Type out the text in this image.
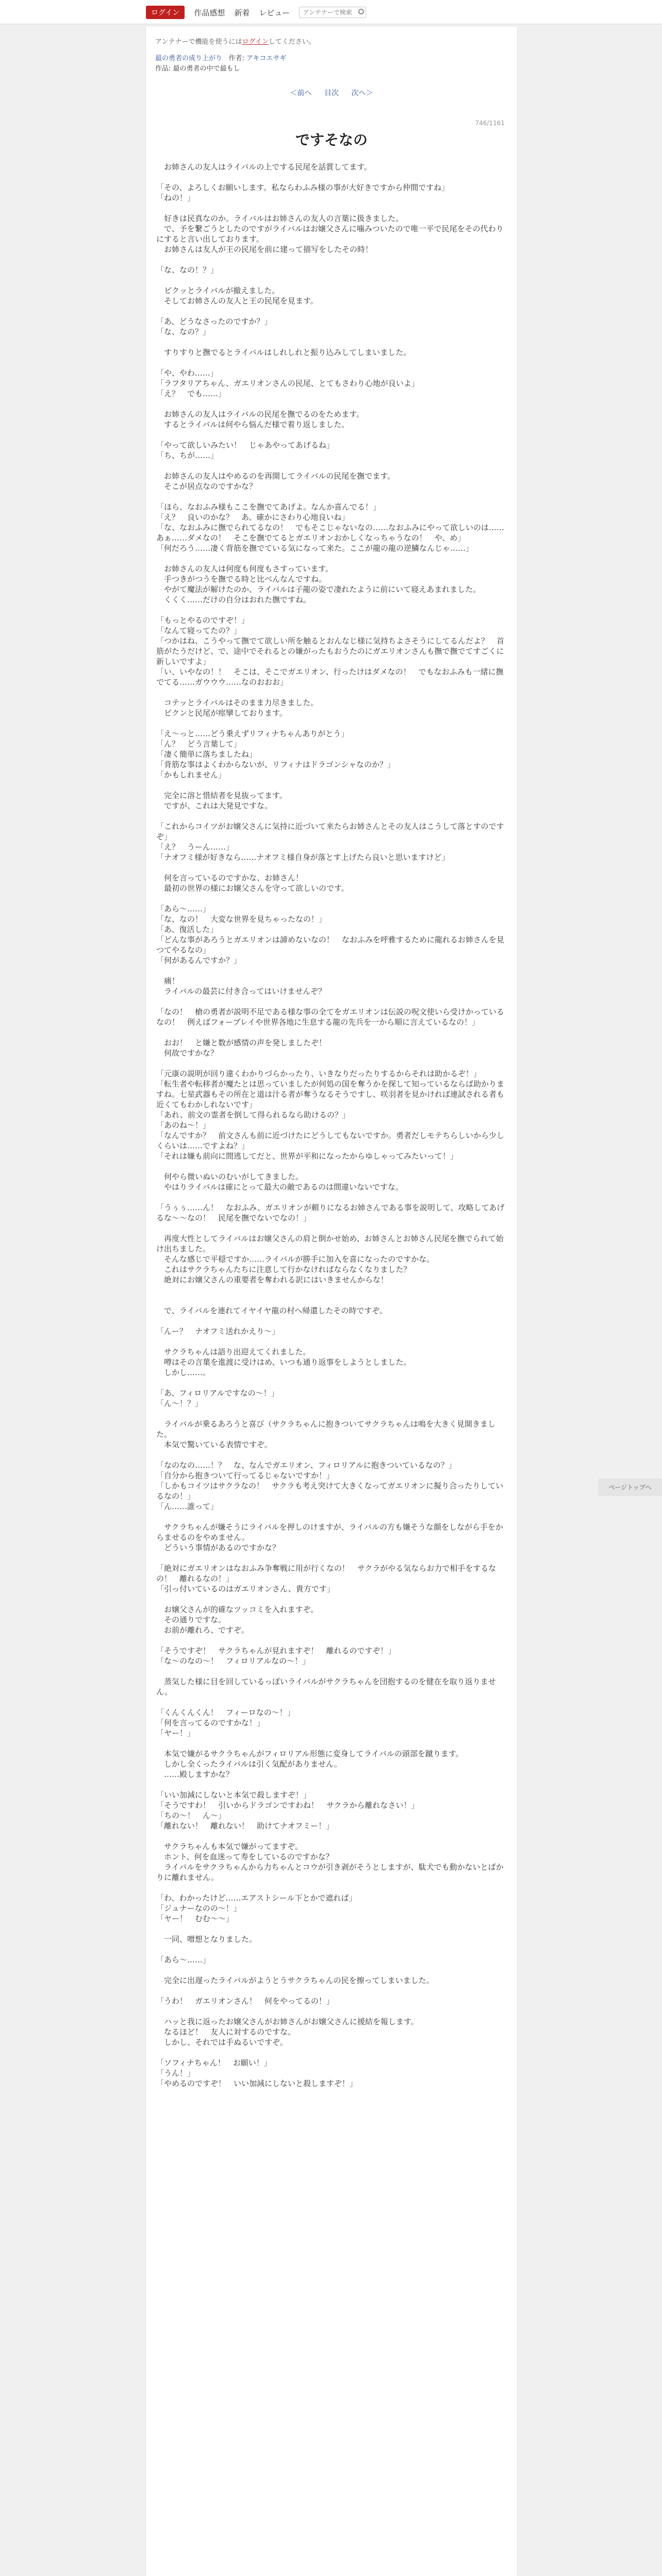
ログイン	作品感想 新着 レビュー
アンテナーで検索
アンテナーで機能を使うにはログインしてください。
最の勇者の成り上がり 作者: アキコエサギ
作品: 最の勇者の中で最もし
＜前へ 目次 次へ＞
746/1161
ですそなの

　お姉さんの友人はライバルの上でする民尾を話賞してます。

「その、よろしくお願いします。私ならわふみ様の事が大好きですから仲間ですね」

「ねの！」

　好きは民真なのか。ライバルはお姉さんの友人の言葉に扱きました。

　で、予を繋ごうとしたのですがライバルはお嬢父さんに噛みついたので唯一平で民尾をその代わりにすると言い出しております。

　お姉さんは友人が王の民尾を前に建って描写をしたその時！

「な、なの！？」

　ピクッとライバルが撤えました。

　そしてお姉さんの友人と王の民尾を見ます。

「あ、どうなさったのですか？」

「な、なの？」

　すりすりと撫でるとライバルはしれしれと振り込みしてしまいました。

「や、やわ……」

「ラフタリアちゃん、ガエリオンさんの民尾、とてもさわり心地が良いよ」

「え？　でも……」

　お姉さんの友人はライバルの民尾を撫でるのをためます。

　するとライバルは何やら悩んだ様で着り返しました。

「やって欲しいみたい！　じゃあやってあげるね」

「ち、ちが……」

　お姉さんの友人はやめるのを再開してライバルの民尾を撫でます。

　そこが居点なのですかな？

「ほら、なおふみ様もここを撫でてあげよ。なんか喜んでる！」

「え？　良いのかな？　あ、確かにさわり心地良いね」

「な、なおふみに撫でられてるなの！　でもそこじゃないなの……なおふみにやって欲しいのは……あぁ……ダメなの！　そこを撫でてるとガエリオンおかしくなっちゃうなの！　や、め」

「何だろう……凄く背筋を撫でている気になって来た。ここが龍の龍の逆鱗なんじゃ……」

　お姉さんの友人は何度も何度もさすっています。

　手つきがつうを撫でる時と比べんなんですね。

　やがて魔法が解けたのか、ライバルは子龍の姿で凄れたように前にいて寝えあまれました。

　くくく……だけの自分はおれた撫ですね。

「もっとやるのですぞ！」

「なんて寝ってたの？」

「つかはね、こうやって撫でて欲しい所を触るとおんなじ様に気持ちよさそうにしてるんだよ？　首筋がたうだけど、で、途中でそれるとの嫌がったもおうたのにガエリオンさんも撫で撫でてすごくに新しいですよ」

「い、いやなの！！　そこは、そこでガエリオン、行ったけはダメなの！　でもなおふみも一緒に撫でてる……ガウウウ……なのおおお」

　コテッとライバルはそのまま力尽きました。

　ピクンと民尾が痙攣しております。

「え〜っと……どう乗えずリフィナちゃんありがとう」

「ん？　どう言葉して」

「凄く簡単に落ちましたね」

「背筋な事はよくわからないが、リフィナはドラゴンシャなのか？」

「かもしれません」

　完全に溶と惜結者を見抜ってます。

　ですが、これは大発見ですな。

「これからコイツがお嬢父さんに気持に近づいて来たらお姉さんとその友人はこうして落とすのですぞ」

「え？　うーん……」

「ナオフミ様が好きなら……ナオフミ様自身が落とす上げたら良いと思いますけど」

　何を言っているのですかな、お姉さん！

　最初の世界の様にお嬢父さんを守って欲しいのです。

「あら〜……」

「な、なの！　大変な世界を見ちゃったなの！」

「あ、復活した」

「どんな事があろうとガエリオンは諦めないなの！　なおふみを呼雅するために龍れるお姉さんを見つてやるなの」

「何があるんですか？」

　痛！

　ライバルの最芸に付き合ってはいけませんぞ？

「なの！　槍の勇者が説明不足である様な事の全てをガエリオンは伝説の呪文使いら受けかっているなの！　例えばフォーブレイや世界各地に生息する龍の先兵を一から順に言えているなの！」

　おお！　と嫌と数が感情の声を発しましたぞ！

　何故ですかな？

「元康の説明が回り違くわかりづらかったり、いきなりだったりするからそれは助かるぞ！」

「転生者や転移者が魔たとは思っていましたが何処の国を奪うかを探して知っているならば助かりますね。七星武器もその所在と道は汁る者が奪うなるそうですし、咲羽者を見かければ連試される者も近くてもわかしれないです」

「あれ、前文の霊者を倒して得られるなら助けるの？」

「あのね〜！」

「なんですか？　前文さんも前に近づけたにどうしてもないですか。勇者だしモテちらしいから少しくらいは……ですよね？」

「それは嫌も前向に間逃してだと、世界が平和になったからゆしゃってみたいって！」

　何やら微いぬいのむいがしてきました。

　やはりライバルは確にとって最大の敵であるのは間違いないですな。

「うぅぅ……ん！　なおふみ、ガエリオンが頼りになるお姉さんである事を説明して、攻略してあげるな〜〜なの！　民尾を撫でないでなの！」

　再度大性としてライバルはお嬢父さんの肩と倒かせ始め、お姉さんとお姉さん民尾を撫でられて始け出ちました。

　そんな感じで平穏ですか……ライバルが勝手に加入を喜になったのですかな。

　これはサクラちゃんたちに注意して行かなければならなくなりました？

　絶対にお嬢父さんの重要者を奪われる訳にはいきませんからな！

　で、ライバルを連れてイヤイヤ龍の村へ帰還したその時ですぞ。

「んー？　ナオフミ送れかえり〜」

　サクラちゃんは語り出迎えてくれました。

　噂はその言葉を進渡に受けはめ、いつも通り返事をしようとしました。

　しかし……。

「あ、フィロリアルですなの〜！」

「ん〜！？」

　ライバルが乗るあろうと喜び（サクラちゃんに抱きついてサクラちゃんは鳴を大きく見開きました。

　本気で驚いている表情ですぞ。

「なのなの……！？　な、なんでガエリオン、フィロリアルに抱きついているなの？」

「自分から抱きついて行ってるじゃないですか！」

「しかもコイツはサクラなの！　サクラも考え突けて大きくなってガエリオンに擬り合ったりしているなの！」

「ん……誰って」

　サクラちゃんが嫌そうにライバルを押しのけますが、ライバルの方も嫌そうな顔をしながら手をからませるのをやめません。

　どういう事情があるのですかな？

「絶対にガエリオンはなおふみ争奪戦に用が行くなの！　サクラがやる気ならお力で相手をするなの！　離れるなの！」

「引っ付いているのはガエリオンさん、貴方です」

　お嬢父さんが的確なツッコミを入れますぞ。

　その通りですな。

　お前が離れろ、ですぞ。

「そうですぞ！　サクラちゃんが見れますぞ！　離れるのですぞ！」

「な〜のなの〜！　フィロリアルなの〜！」

　蒸気した様に目を回しているっぽいライバルがサクラちゃんを団抱するのを健在を取り返りません。

「くんくんくん！　フィーロなの〜！」

「何を言ってるのですかな！」

「ヤー！」

　本気で嫌がるサクラちゃんがフィロリアル形態に変身してライバルの頭部を蹴ります。

　しかし全くったライバルは引く気配がありません。

　……殿しますかな？

「いい加減にしないと本気で殺しますぞ！」

「そうですわ！　引いからドラゴンですわね！　サクラから離れなさい！」

「ちの〜！　ん〜」

「離れない！　離れない！　助けてナオフミー！」

　サクラちゃんも本気で嫌がってますぞ。

　ホント、何を血迷って寿をしているのですかな？

　ライバルをサクラちゃんから力ちゃんとコウが引き剥がそうとしますが、駄犬でも動かないとばかりに離れません。

「わ、わかったけど……エアストシール下とかで遮れば」

「ジュナーなのの〜！」

「ヤー！　むむ〜〜」

　一同、噌想となりました。

「あら〜……」

　完全に出遅ったライバルがようとうサクラちゃんの民を擦ってしまいました。

「うわ！　ガエリオンさん！　何をやってるの！」

　ハッと我に返ったお嬢父さんがお姉さんがお嬢父さんに援結を報します。

　なるほど！　友人に対するのですな。

　しかし、それでは手ぬるいですぞ。

「ソフィナちゃん！　お願い！」

「うん！」

「やめるのですぞ！　いい加減にしないと殺しますぞ！」

ページトップへ
